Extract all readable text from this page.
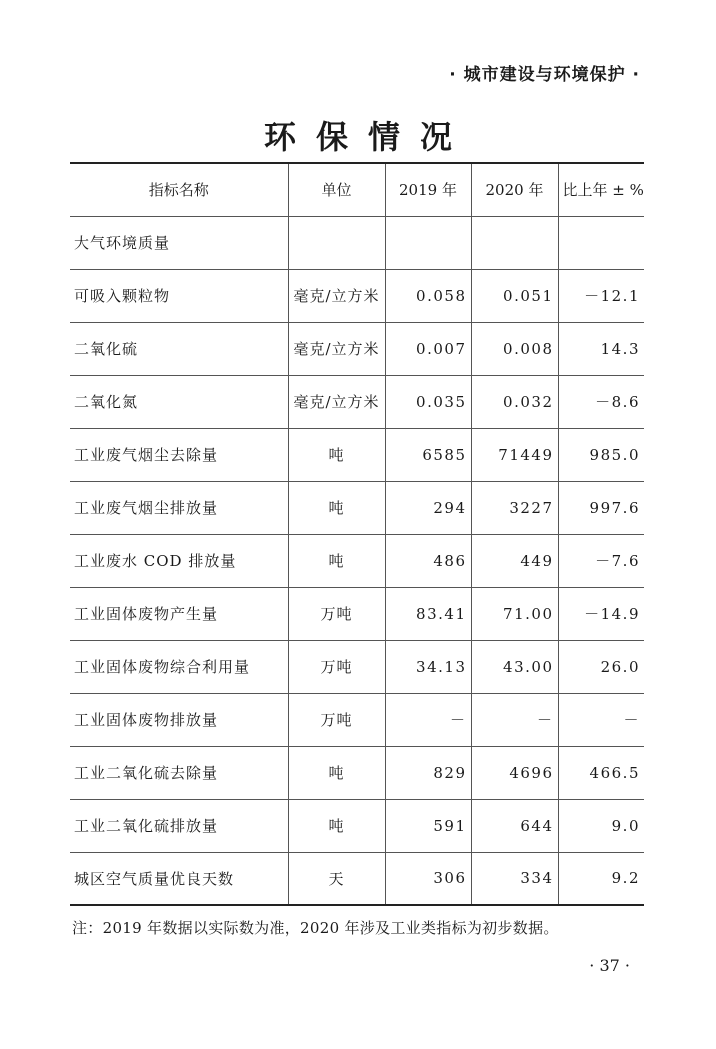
· 城市建设与环境保护 ·
环保情况
指标名称	单位	2019 年	2020 年	比上年 ± %
大气环境质量				
可吸入颗粒物	毫克/立方米	0.058	0.051	－12.1
二氧化硫	毫克/立方米	0.007	0.008	14.3
二氧化氮	毫克/立方米	0.035	0.032	－8.6
工业废气烟尘去除量	吨	6585	71449	985.0
工业废气烟尘排放量	吨	294	3227	997.6
工业废水 COD 排放量	吨	486	449	－7.6
工业固体废物产生量	万吨	83.41	71.00	－14.9
工业固体废物综合利用量	万吨	34.13	43.00	26.0
工业固体废物排放量	万吨	－	－	－
工业二氧化硫去除量	吨	829	4696	466.5
工业二氧化硫排放量	吨	591	644	9.0
城区空气质量优良天数	天	306	334	9.2
注：2019 年数据以实际数为准，2020 年涉及工业类指标为初步数据。
· 37 ·
